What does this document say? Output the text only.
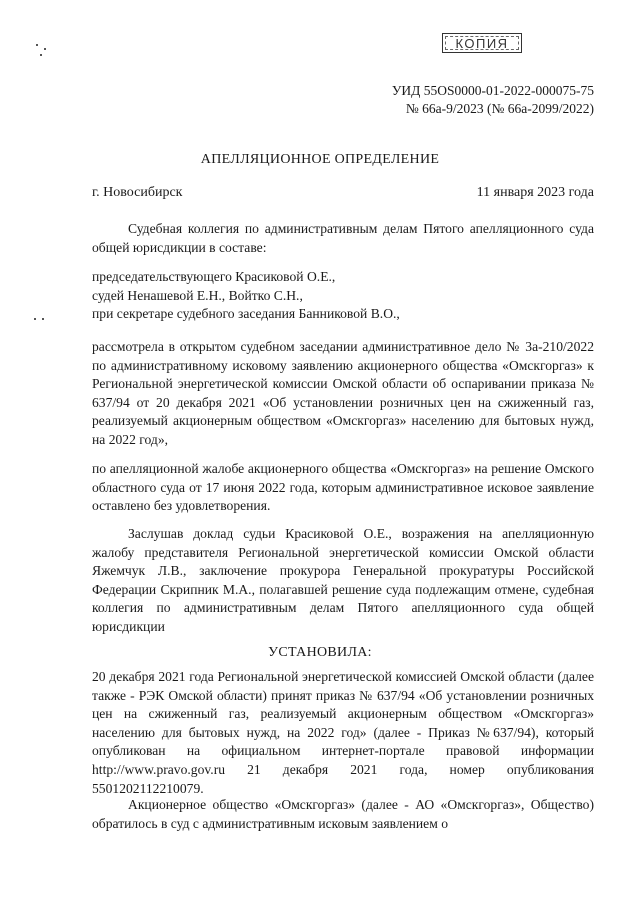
КОПИЯ
УИД 55OS0000-01-2022-000075-75
№ 66а-9/2023 (№ 66а-2099/2022)
АПЕЛЛЯЦИОННОЕ ОПРЕДЕЛЕНИЕ
г. Новосибирск	11 января 2023 года

Судебная коллегия по административным делам Пятого апелляционного суда общей юрисдикции в составе:

председательствующего Красиковой О.Е.,
судей Ненашевой Е.Н., Войтко С.Н.,
при секретаре судебного заседания Банниковой В.О.,

рассмотрела в открытом судебном заседании административное дело № 3а-210/2022 по административному исковому заявлению акционерного общества «Омскгоргаз» к Региональной энергетической комиссии Омской области об оспаривании приказа № 637/94 от 20 декабря 2021 «Об установлении розничных цен на сжиженный газ, реализуемый акционерным обществом «Омскгоргаз» населению для бытовых нужд, на 2022 год»,

по апелляционной жалобе акционерного общества «Омскгоргаз» на решение Омского областного суда от 17 июня 2022 года, которым административное исковое заявление оставлено без удовлетворения.

Заслушав доклад судьи Красиковой О.Е., возражения на апелляционную жалобу представителя Региональной энергетической комиссии Омской области Яжемчук Л.В., заключение прокурора Генеральной прокуратуры Российской Федерации Скрипник М.А., полагавшей решение суда подлежащим отмене, судебная коллегия по административным делам Пятого апелляционного суда общей юрисдикции

УСТАНОВИЛА:

20 декабря 2021 года Региональной энергетической комиссией Омской области (далее также - РЭК Омской области) принят приказ № 637/94 «Об установлении розничных цен на сжиженный газ, реализуемый акционерным обществом «Омскгоргаз» населению для бытовых нужд, на 2022 год» (далее - Приказ №637/94), который опубликован на официальном интернет-портале правовой информации http://www.pravo.gov.ru 21 декабря 2021 года, номер опубликования 5501202112210079.

Акционерное общество «Омскгоргаз» (далее - АО «Омскгоргаз», Общество) обратилось в суд с административным исковым заявлением о
